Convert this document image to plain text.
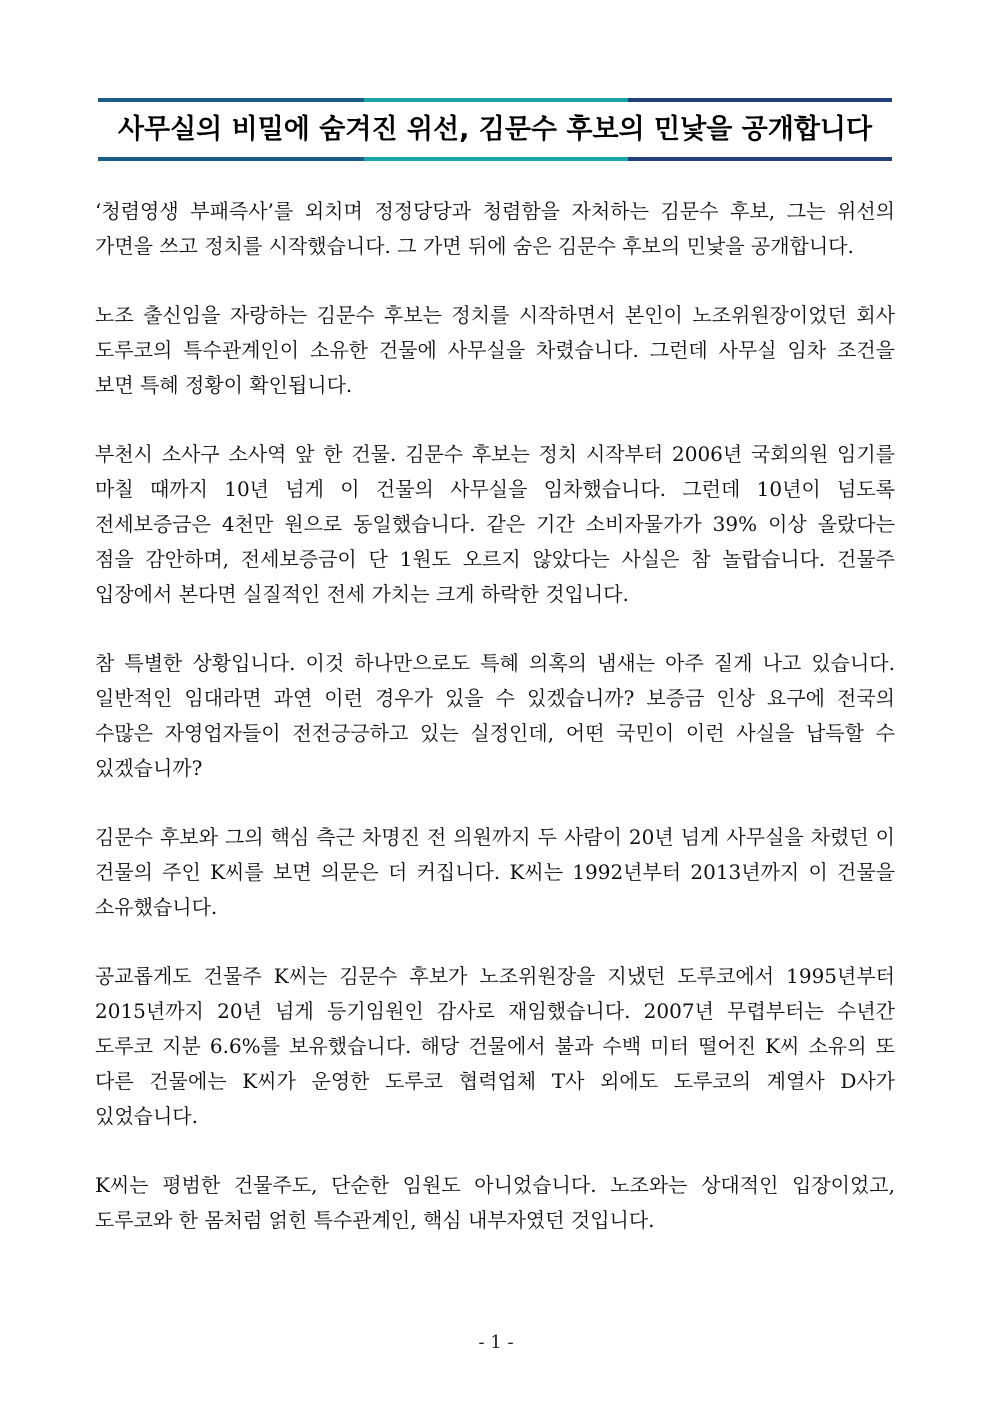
사무실의 비밀에 숨겨진 위선, 김문수 후보의 민낯을 공개합니다

‘청렴영생 부패즉사’를 외치며 정정당당과 청렴함을 자처하는 김문수 후보, 그는 위선의 가면을 쓰고 정치를 시작했습니다. 그 가면 뒤에 숨은 김문수 후보의 민낯을 공개합니다.

노조 출신임을 자랑하는 김문수 후보는 정치를 시작하면서 본인이 노조위원장이었던 회사 도루코의 특수관계인이 소유한 건물에 사무실을 차렸습니다. 그런데 사무실 임차 조건을 보면 특혜 정황이 확인됩니다.

부천시 소사구 소사역 앞 한 건물. 김문수 후보는 정치 시작부터 2006년 국회의원 임기를 마칠 때까지 10년 넘게 이 건물의 사무실을 임차했습니다. 그런데 10년이 넘도록 전세보증금은 4천만 원으로 동일했습니다. 같은 기간 소비자물가가 39% 이상 올랐다는 점을 감안하며, 전세보증금이 단 1원도 오르지 않았다는 사실은 참 놀랍습니다. 건물주 입장에서 본다면 실질적인 전세 가치는 크게 하락한 것입니다.

참 특별한 상황입니다. 이것 하나만으로도 특혜 의혹의 냄새는 아주 짙게 나고 있습니다. 일반적인 임대라면 과연 이런 경우가 있을 수 있겠습니까? 보증금 인상 요구에 전국의 수많은 자영업자들이 전전긍긍하고 있는 실정인데, 어떤 국민이 이런 사실을 납득할 수 있겠습니까?

김문수 후보와 그의 핵심 측근 차명진 전 의원까지 두 사람이 20년 넘게 사무실을 차렸던 이 건물의 주인 K씨를 보면 의문은 더 커집니다. K씨는 1992년부터 2013년까지 이 건물을 소유했습니다.

공교롭게도 건물주 K씨는 김문수 후보가 노조위원장을 지냈던 도루코에서 1995년부터 2015년까지 20년 넘게 등기임원인 감사로 재임했습니다. 2007년 무렵부터는 수년간 도루코 지분 6.6%를 보유했습니다. 해당 건물에서 불과 수백 미터 떨어진 K씨 소유의 또 다른 건물에는 K씨가 운영한 도루코 협력업체 T사 외에도 도루코의 계열사 D사가 있었습니다.

K씨는 평범한 건물주도, 단순한 임원도 아니었습니다. 노조와는 상대적인 입장이었고, 도루코와 한 몸처럼 얽힌 특수관계인, 핵심 내부자였던 것입니다.

- 1 -
